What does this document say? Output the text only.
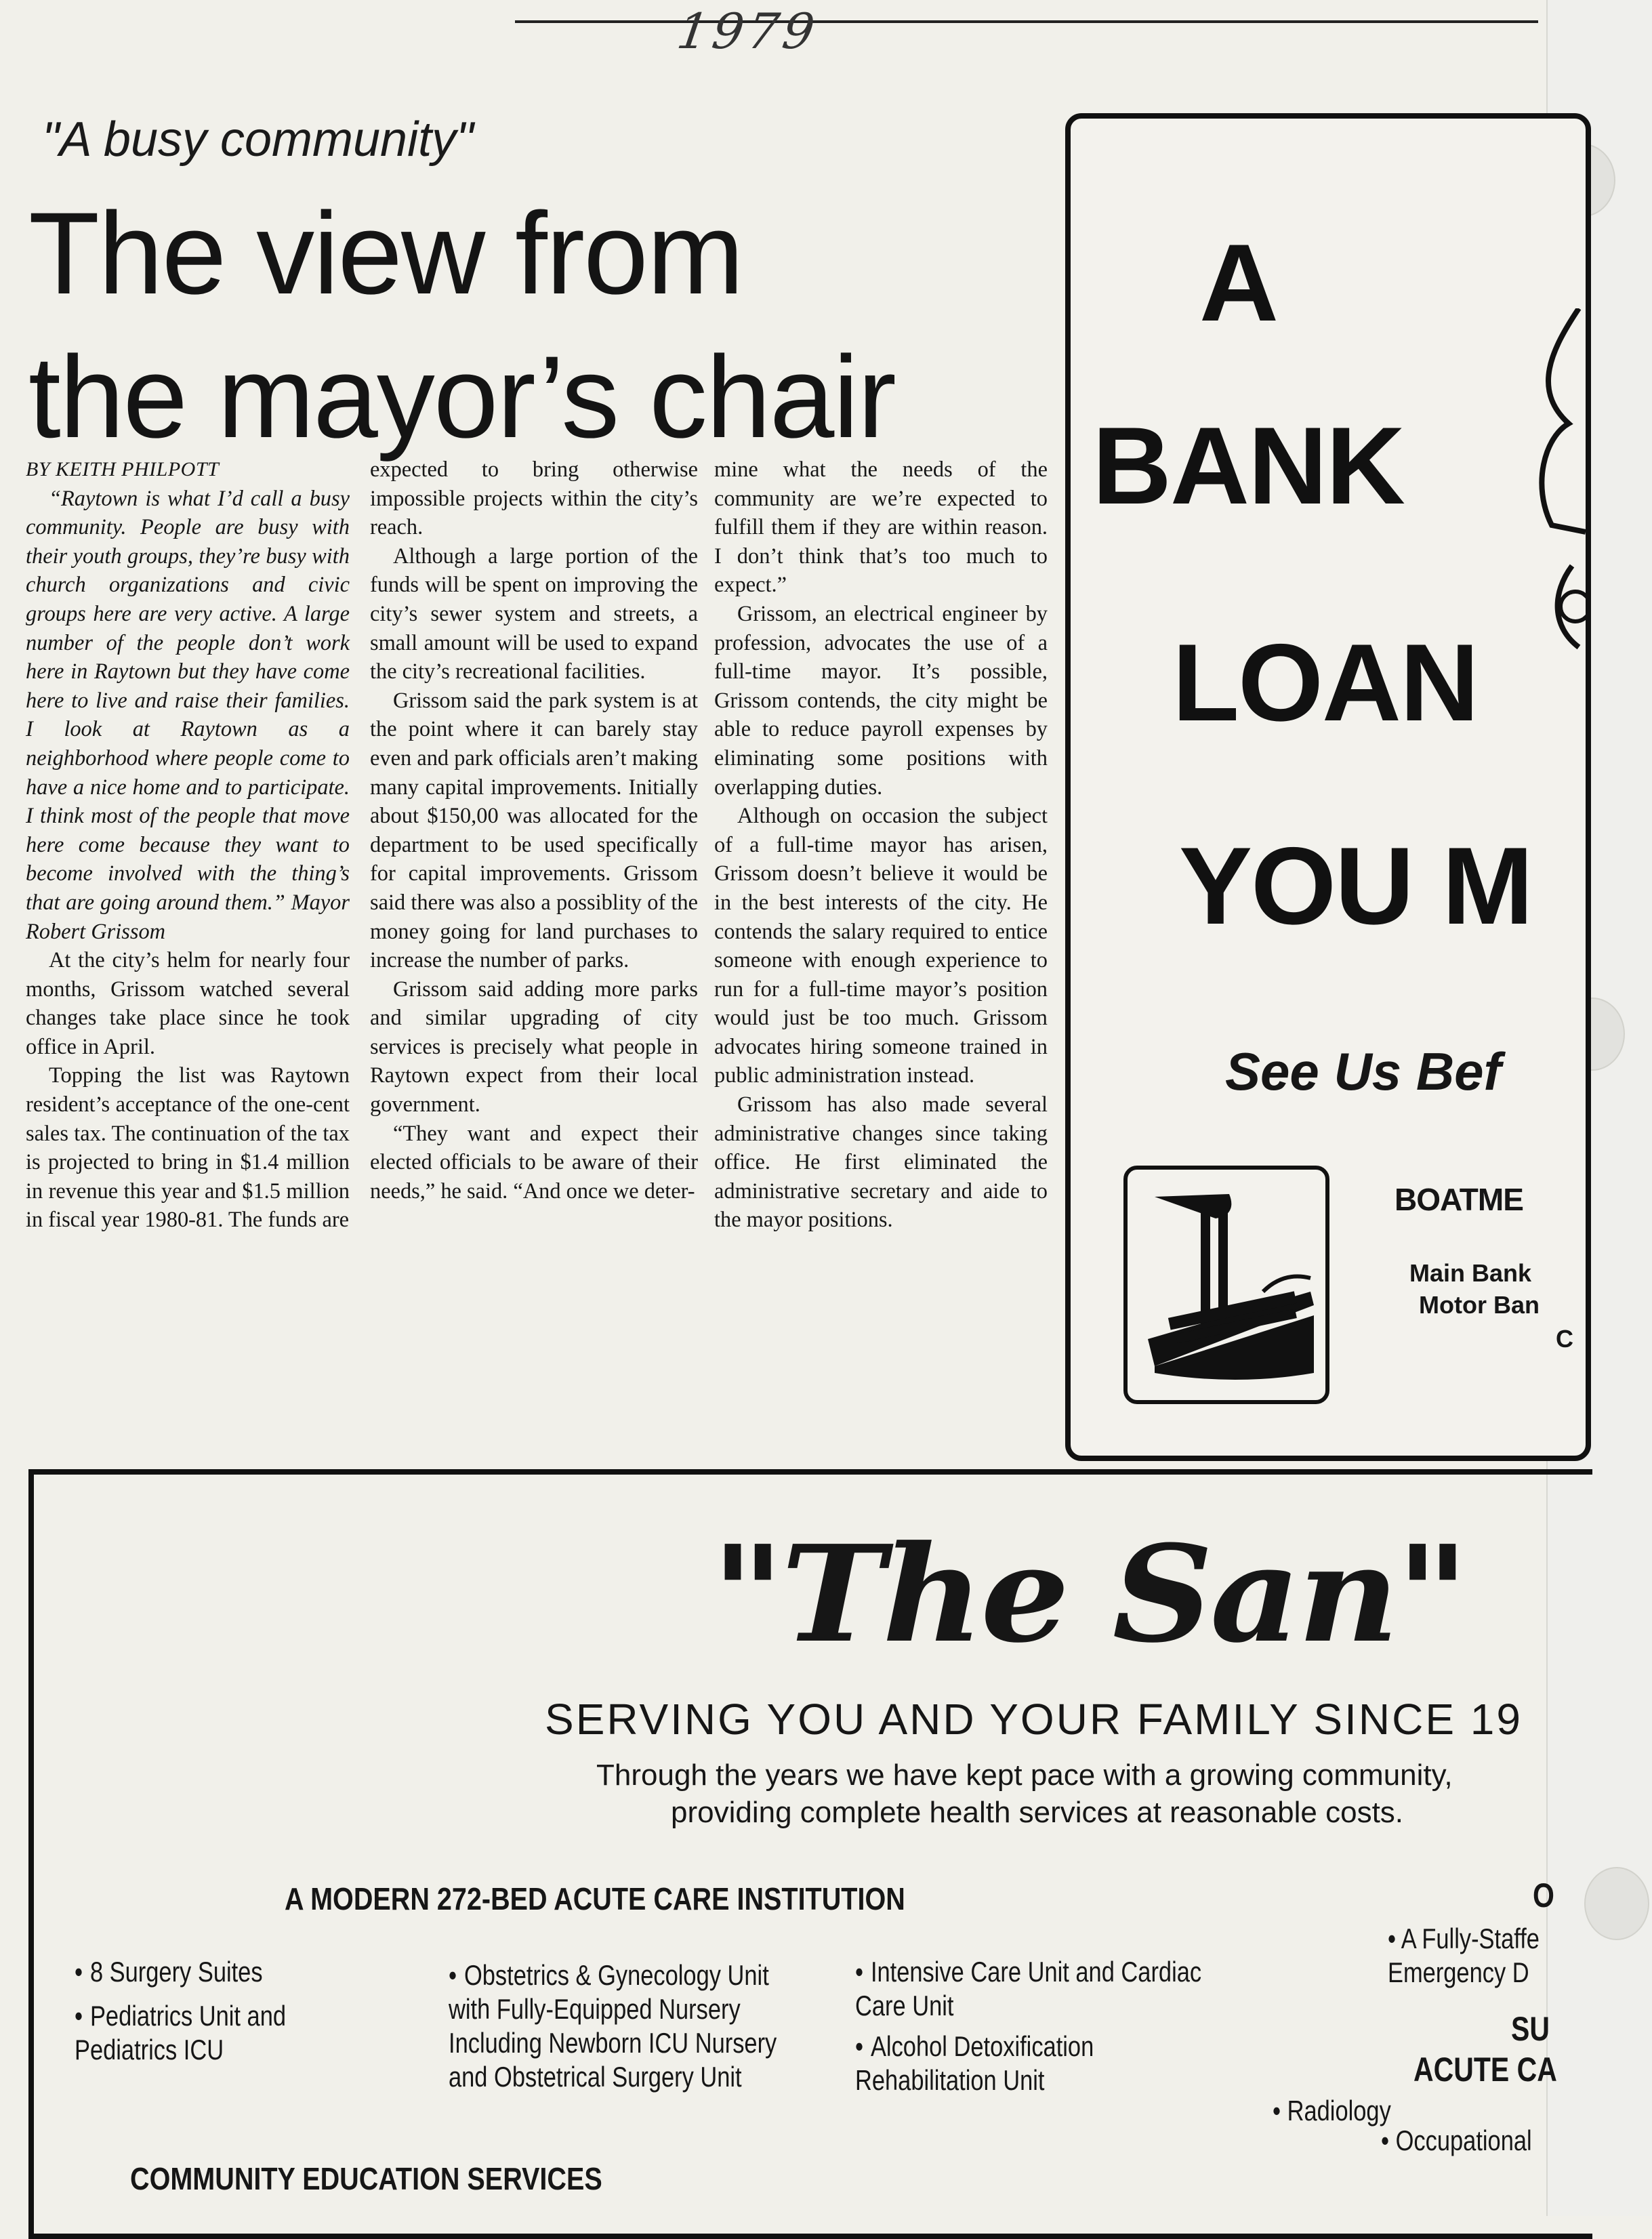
1979
"A busy community"
The view from
the mayor’s chair

BY KEITH PHILPOTT

“Raytown is what I’d call a busy community. People are busy with their youth groups, they’re busy with church organizations and civic groups here are very active. A large number of the people don’t work here in Raytown but they have come here to live and raise their families. I look at Raytown as a neighborhood where people come to have a nice home and to participate. I think most of the people that move here come because they want to become involved with the thing’s that are going around them.” Mayor Robert Grissom

At the city’s helm for nearly four months, Grissom watched several changes take place since he took office in April.

Topping the list was Raytown resident’s acceptance of the one-cent sales tax. The continuation of the tax is projected to bring in $1.4 million in revenue this year and $1.5 million in fiscal year 1980-81. The funds are

expected to bring otherwise impossible projects within the city’s reach.

Although a large portion of the funds will be spent on improving the city’s sewer system and streets, a small amount will be used to expand the city’s recreational facilities.

Grissom said the park system is at the point where it can barely stay even and park officials aren’t making many capital improvements. Initially about $150,00 was allocated for the department to be used specifically for capital improvements. Grissom said there was also a possiblity of the money going for land purchases to increase the number of parks.

Grissom said adding more parks and similar upgrading of city services is precisely what people in Raytown expect from their local government.

“They want and expect their elected officials to be aware of their needs,” he said. “And once we deter-

mine what the needs of the community are we’re expected to fulfill them if they are within reason. I don’t think that’s too much to expect.”

Grissom, an electrical engineer by profession, advocates the use of a full-time mayor. It’s possible, Grissom contends, the city might be able to reduce payroll expenses by eliminating some positions with overlapping duties.

Although on occasion the subject of a full-time mayor has arisen, Grissom doesn’t believe it would be in the best interests of the city. He contends the salary required to entice someone with enough experience to run for a full-time mayor’s position would just be too much. Grissom advocates hiring someone trained in public administration instead.

Grissom has also made several administrative changes since taking office. He first eliminated the administrative secretary and aide to the mayor positions.

A
BANK
LOAN
YOU M
See Us Bef
BOATME
Main Bank
Motor Ban
C
"The San"
SERVING YOU AND YOUR FAMILY SINCE 19
Through the years we have kept pace with a growing community,
providing complete health services at reasonable costs.
A MODERN 272-BED ACUTE CARE INSTITUTION
• 8 Surgery Suites
• Pediatrics Unit and Pediatrics ICU
• Obstetrics & Gynecology Unit with Fully-Equipped Nursery Including Newborn ICU Nursery and Obstetrical Surgery Unit
• Intensive Care Unit and Cardiac Care Unit
• Alcohol Detoxification Rehabilitation Unit
O
• A Fully-Staffe Emergency D
SU
ACUTE CA
• Radiology
• Occupational
COMMUNITY EDUCATION SERVICES
